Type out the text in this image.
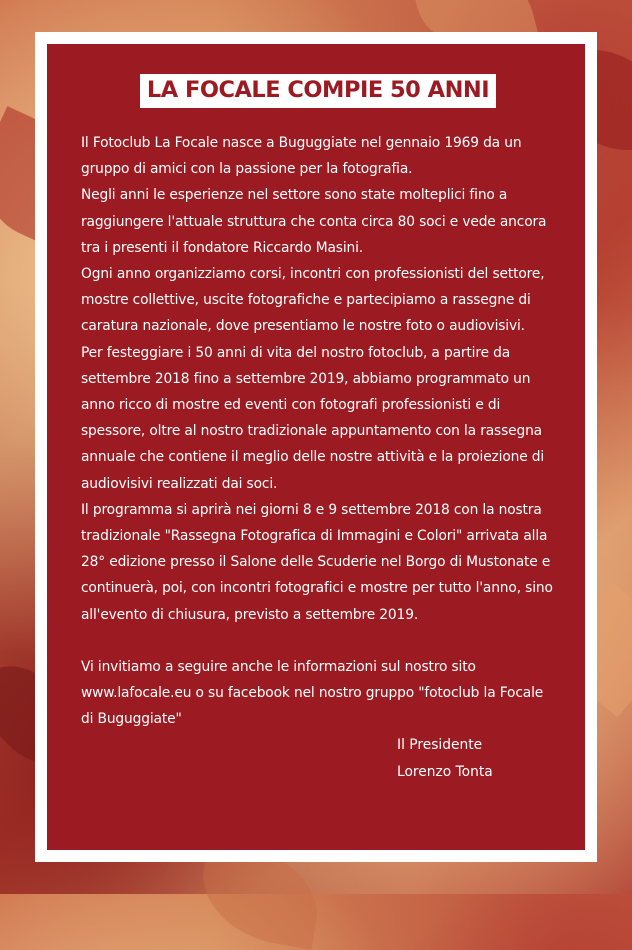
LA FOCALE COMPIE 50 ANNI

Il Fotoclub La Focale nasce a Buguggiate nel gennaio 1969 da un gruppo di amici con la passione per la fotografia.

Negli anni le esperienze nel settore sono state molteplici fino a raggiungere l'attuale struttura che conta circa 80 soci e vede ancora tra i presenti il fondatore Riccardo Masini.

Ogni anno organizziamo corsi, incontri con professionisti del settore, mostre collettive, uscite fotografiche e partecipiamo a rassegne di caratura nazionale, dove presentiamo le nostre foto o audiovisivi.

Per festeggiare i 50 anni di vita del nostro fotoclub, a partire da settembre 2018 fino a settembre 2019, abbiamo programmato un anno ricco di mostre ed eventi con fotografi professionisti e di spessore, oltre al nostro tradizionale appuntamento con la rassegna annuale che contiene il meglio delle nostre attività e la proiezione di audiovisivi realizzati dai soci.

Il programma si aprirà nei giorni 8 e 9 settembre 2018 con la nostra tradizionale "Rassegna Fotografica di Immagini e Colori" arrivata alla 28° edizione presso il Salone delle Scuderie nel Borgo di Mustonate e continuerà, poi, con incontri fotografici e mostre per tutto l'anno, sino all'evento di chiusura, previsto a settembre 2019.

Vi invitiamo a seguire anche le informazioni sul nostro sito www.lafocale.eu o su facebook nel nostro gruppo "fotoclub la Focale di Buguggiate"

Il Presidente
Lorenzo Tonta
